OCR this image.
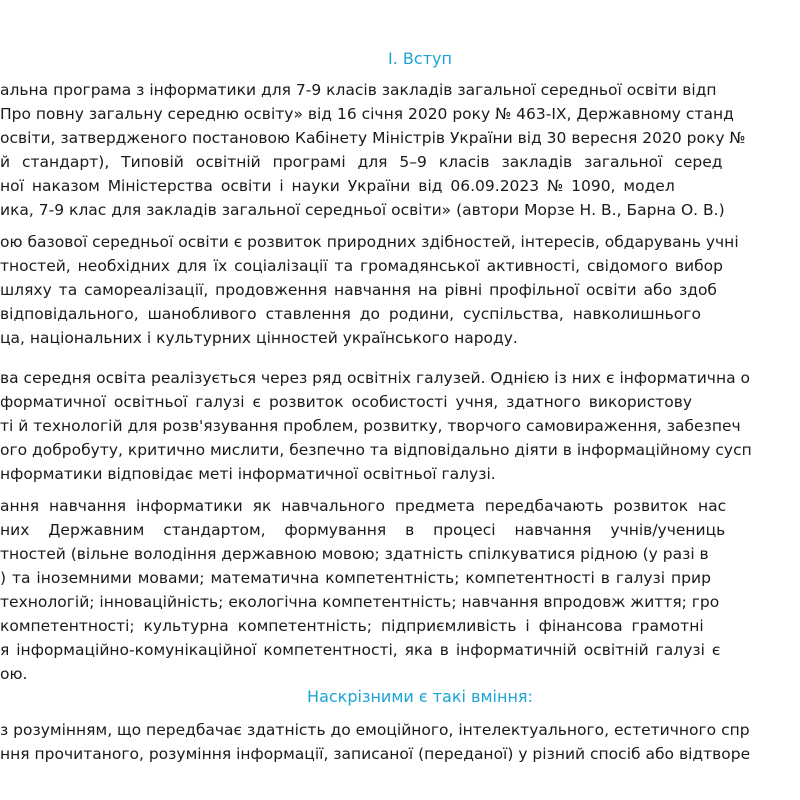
І. Вступ
альна програма з інформатики для 7-9 класів закладів загальної середньої освіти відп
Про повну загальну середню освіту» від 16 січня 2020 року № 463-IX, Державному станд
освіти, затвердженого постановою Кабінету Міністрів України від 30 вересня 2020 року №
й стандарт), Типовій освітній програмі для 5–9 класів закладів загальної серед
ної наказом Міністерства освіти і науки України від 06.09.2023 № 1090, модел
ика, 7-9 клас для закладів загальної середньої освіти» (автори Морзе Н. В., Барна О. В.)
ою базової середньої освіти є розвиток природних здібностей, інтересів, обдарувань учні
тностей, необхідних для їх соціалізації та громадянської активності, свідомого вибор
шляху та самореалізації, продовження навчання на рівні профільної освіти або здоб
відповідального, шанобливого ставлення до родини, суспільства, навколишнього
ца, національних і культурних цінностей українського народу.
ва середня освіта реалізується через ряд освітніх галузей. Однією із них є інформатична о
форматичної освітньої галузі є розвиток особистості учня, здатного використову
ті й технологій для розв'язування проблем, розвитку, творчого самовираження, забезпеч
ого добробуту, критично мислити, безпечно та відповідально діяти в інформаційному сусп
нформатики відповідає меті інформатичної освітньої галузі.
ання навчання інформатики як навчального предмета передбачають розвиток нас
них Державним стандартом, формування в процесі навчання учнів/учениць
тностей (вільне володіння державною мовою; здатність спілкуватися рідною (у разі в
) та іноземними мовами; математична компетентність; компетентності в галузі прир
технологій; інноваційність; екологічна компетентність; навчання впродовж життя; гро
компетентності; культурна компетентність; підприємливість і фінансова грамотні
я інформаційно-комунікаційної компетентності, яка в інформатичній освітній галузі є
ою.
Наскрізними є такі вміння:
з розумінням, що передбачає здатність до емоційного, інтелектуального, естетичного спр
ння прочитаного, розуміння інформації, записаної (переданої) у різний спосіб або відтворе
